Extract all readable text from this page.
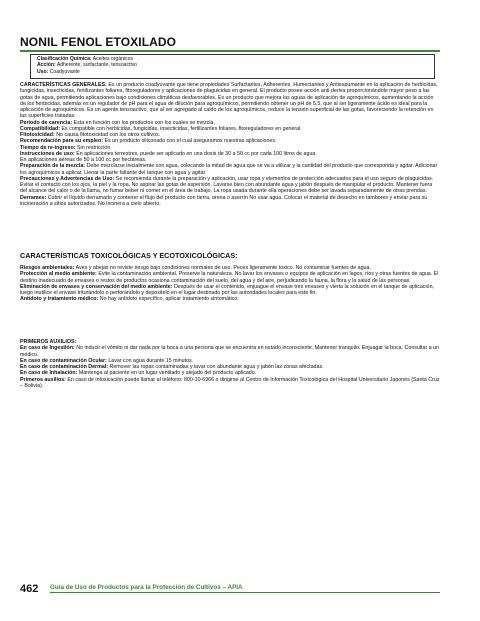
NONIL FENOL ETOXILADO
Clasificación Química: Aceites orgánicos
Acción: Adherente, surfactante, tensoactivo
Uso: Coadyuvante

CARACTERÍSTICAS GENERALES: Es un producto coadyuvante que tiene propiedades Surfactantes, Adherentes, Humectantes y Antiespumante en la aplicación de herbicidas, fungicidas, insecticidas, fertilizantes foliares, fitoreguladores y aplicaciones de plaguicidas en general. El producto posee acción anti deriva proporcionándole mayor peso a las gotas de agua, permitiendo aplicaciones bajo condiciones climáticas desfavorables. Es un producto que mejora las aguas de aplicación de agroquímicos, aumentando la acción de los herbicidas, además es un regulador de pH para el agua de dilución para agroquímicos, permitiendo obtener un pH de 5.5, que al ser ligeramente ácido es ideal para la aplicación de agroquímicos. Es un agente tensoactivo, que al ser agregado al caldo de los agroquímicos, reduce la tensión superficial de las gotas, favoreciendo la retención en las superficies tratadas.

Periodo de carencia: Esta en función con los productos con los cuales se mezcla.

Compatibilidad: Es compatible con herbicidas, fungicidas, insecticidas, fertilizantes foliares, fitoreguladores en general.

Fitotoxicidad: No causa fitotoxicidad con los otros cultivos.

Recomendación para su empleo: Es un producto siliconado con el cual aseguramos nuestras aplicaciones.

Tiempo de re-ingreso: Sin restricción

Instrucciones de uso: En aplicaciones terrestres, puede ser aplicado en una dosis de 30 a 50 cc por cada 100 litros de agua.

En aplicaciones aéreas de 50 a 100 cc por hectáreas.

Preparación de la mezcla: Debe mezclarse inicialmente con agua, colocando la mitad de agua que se va a utilizar y la cantidad del producto que corresponda y agitar. Adicionar los agroquímicos a aplicar. Llenar la parte faltante del tanque con agua y agitar.

Precauciones y Advertencias de Uso: Se recomienda durante la preparación y aplicación, usar ropa y elementos de protección adecuados para el uso seguro de plaguicidas. Evitar el contacto con los ojos, la piel y la ropa. No aspirar las gotas de aspersión. Lavarse bien con abundante agua y jabón después de manipular el producto. Mantener fuera del alcance del calor o de la llama, no fumar beber ni comer en el área de trabajo. La ropa usada durante ella operaciones debe ser lavada separadamente de otras prendas.

Derrames: Cubrir el líquido derramado y contener el flujo del producto con tierra, arena o aserrín No usar agua. Colocar el material de desecho en tambores y enviar para su incineración a sitios autorizados. No incinera a cielo abierto.

CARACTERÍSTICAS TOXICOLÓGICAS Y ECOTOXICOLÓGICAS:

Riesgos ambientales: Aves y abejas no reviste riesgo bajo condiciones normales de uso. Peces ligeramente toxico. No contaminar fuentes de agua.

Protección al medio ambiente: Evite la contaminación ambiental. Preserve la naturaleza. No lavar los envases o equipos de aplicación en lagos, ríos y otras fuentes de agua. El destino inadecuado de envases o restos de productos ocasiona contaminación del suelo, del agua y del aire, perjudicando la fauna, la flora y la salud de las personas.

Eliminación de envases y conservación del medio ambiente: Después de usar el contenido, enjuague el envase tres envases y vierta la solución en el tanque de aplicación, luego inutilice el envase triturándolo o perforándolo y depositelo en el lugar destinado por las autoridades locales para este fin.

Antídoto y tratamiento médico: No hay antídoto específico, aplicar tratamiento sintomático.

PRIMEROS AUXILIOS:

En caso de Ingestión: No inducir el vómito ni dar nada por la boca a una persona que se encuentra en estado inconsciente. Mantener tranquilo. Enjuagar la boca. Consultar a un médico.

En caso de contaminación Ocular: Lavar con agua durante 15 minutos.

En caso de contaminación Dermal: Remover las ropas contaminadas y lavar con abundante agua y jabón las zonas afectadas.

En caso de Inhalación: Mantenga al paciente en un lugar ventilado y alejado del producto aplicado.

Primeros auxilios: En caso de intoxicación puede llamar al teléfono: 800-10-6966 o dirigirse al Centro de Información Toxicológica del Hospital Universitario Japonés (Santa Cruz – Bolivia).

462 Guía de Uso de Productos para la Protección de Cultivos – APIA
